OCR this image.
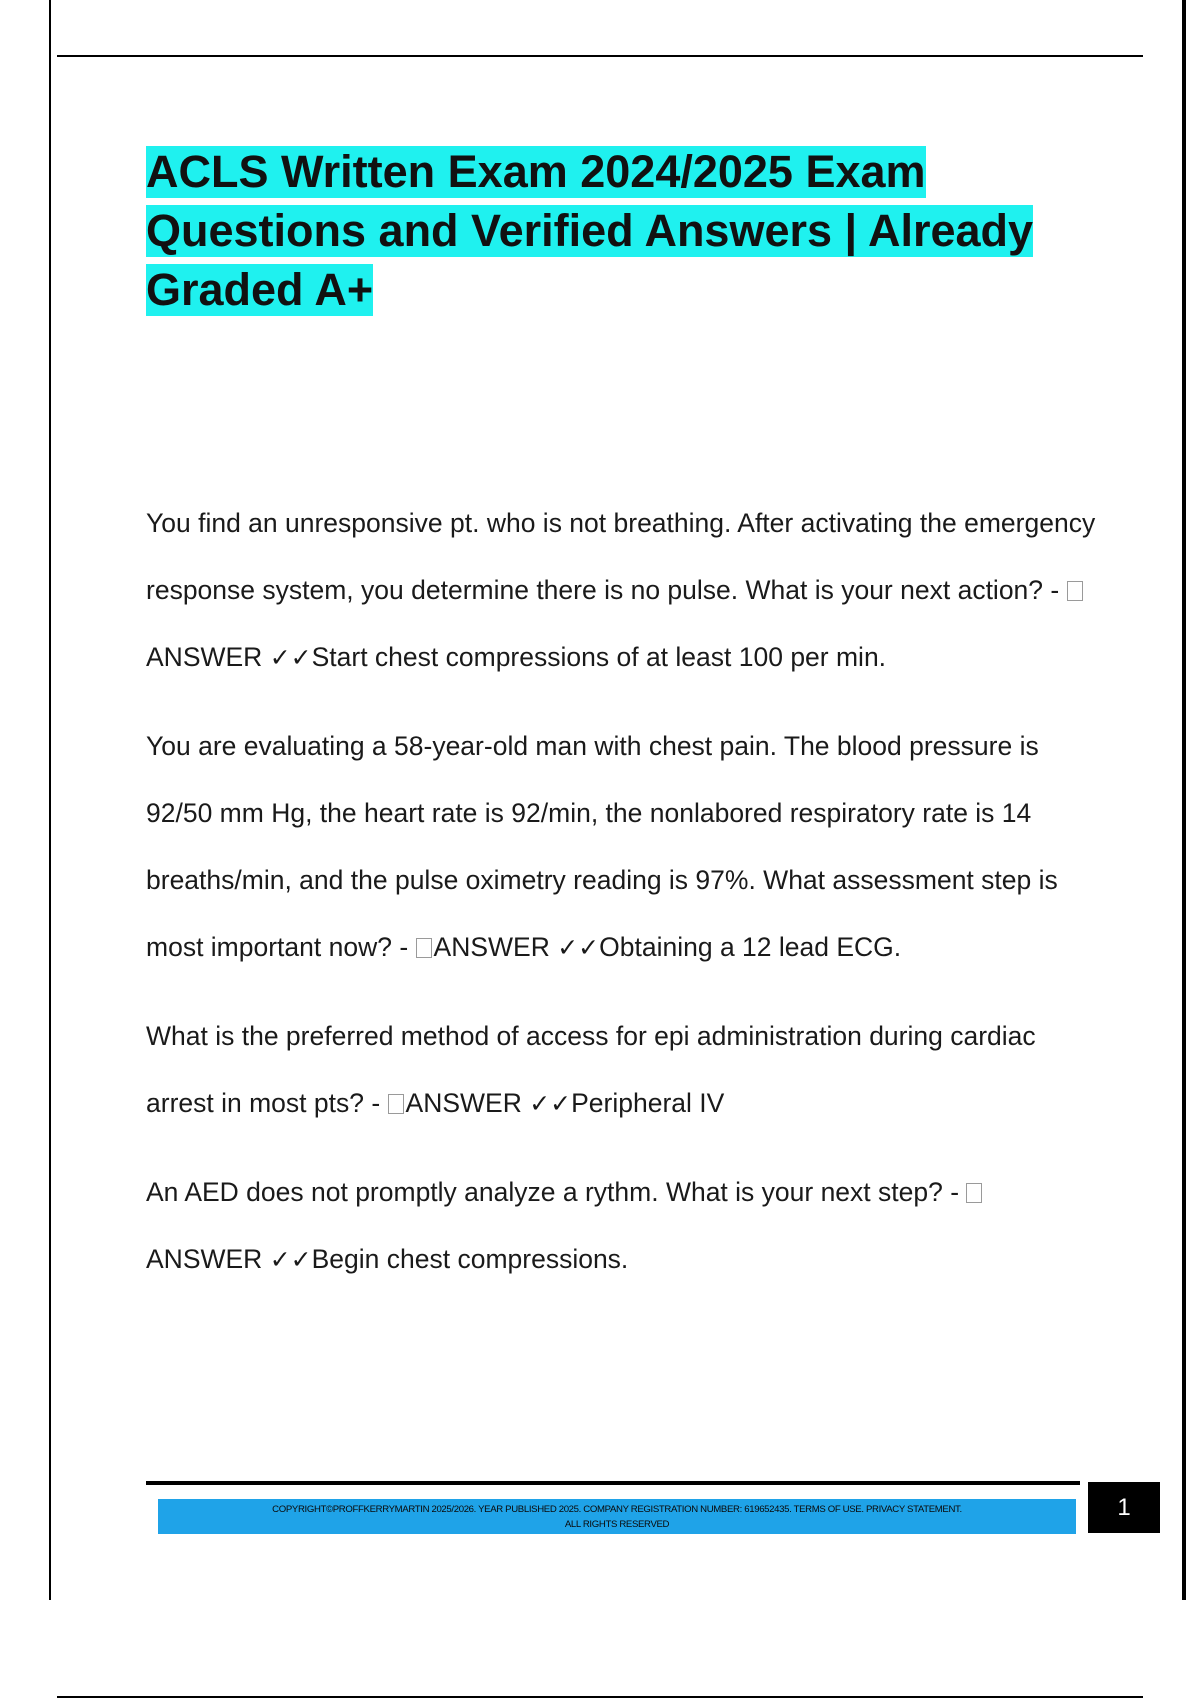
ACLS Written Exam 2024/2025 Exam Questions and Verified Answers | Already Graded A+

You find an unresponsive pt. who is not breathing. After activating the emergency response system, you determine there is no pulse. What is your next action? - ANSWER ✓✓Start chest compressions of at least 100 per min.

You are evaluating a 58-year-old man with chest pain. The blood pressure is 92/50 mm Hg, the heart rate is 92/min, the nonlabored respiratory rate is 14 breaths/min, and the pulse oximetry reading is 97%. What assessment step is most important now? - ANSWER ✓✓Obtaining a 12 lead ECG.

What is the preferred method of access for epi administration during cardiac arrest in most pts? - ANSWER ✓✓Peripheral IV

An AED does not promptly analyze a rythm. What is your next step? - ANSWER ✓✓Begin chest compressions.

COPYRIGHT©PROFFKERRYMARTIN 2025/2026. YEAR PUBLISHED 2025. COMPANY REGISTRATION NUMBER: 619652435. TERMS OF USE. PRIVACY STATEMENT.
ALL RIGHTS RESERVED
1
